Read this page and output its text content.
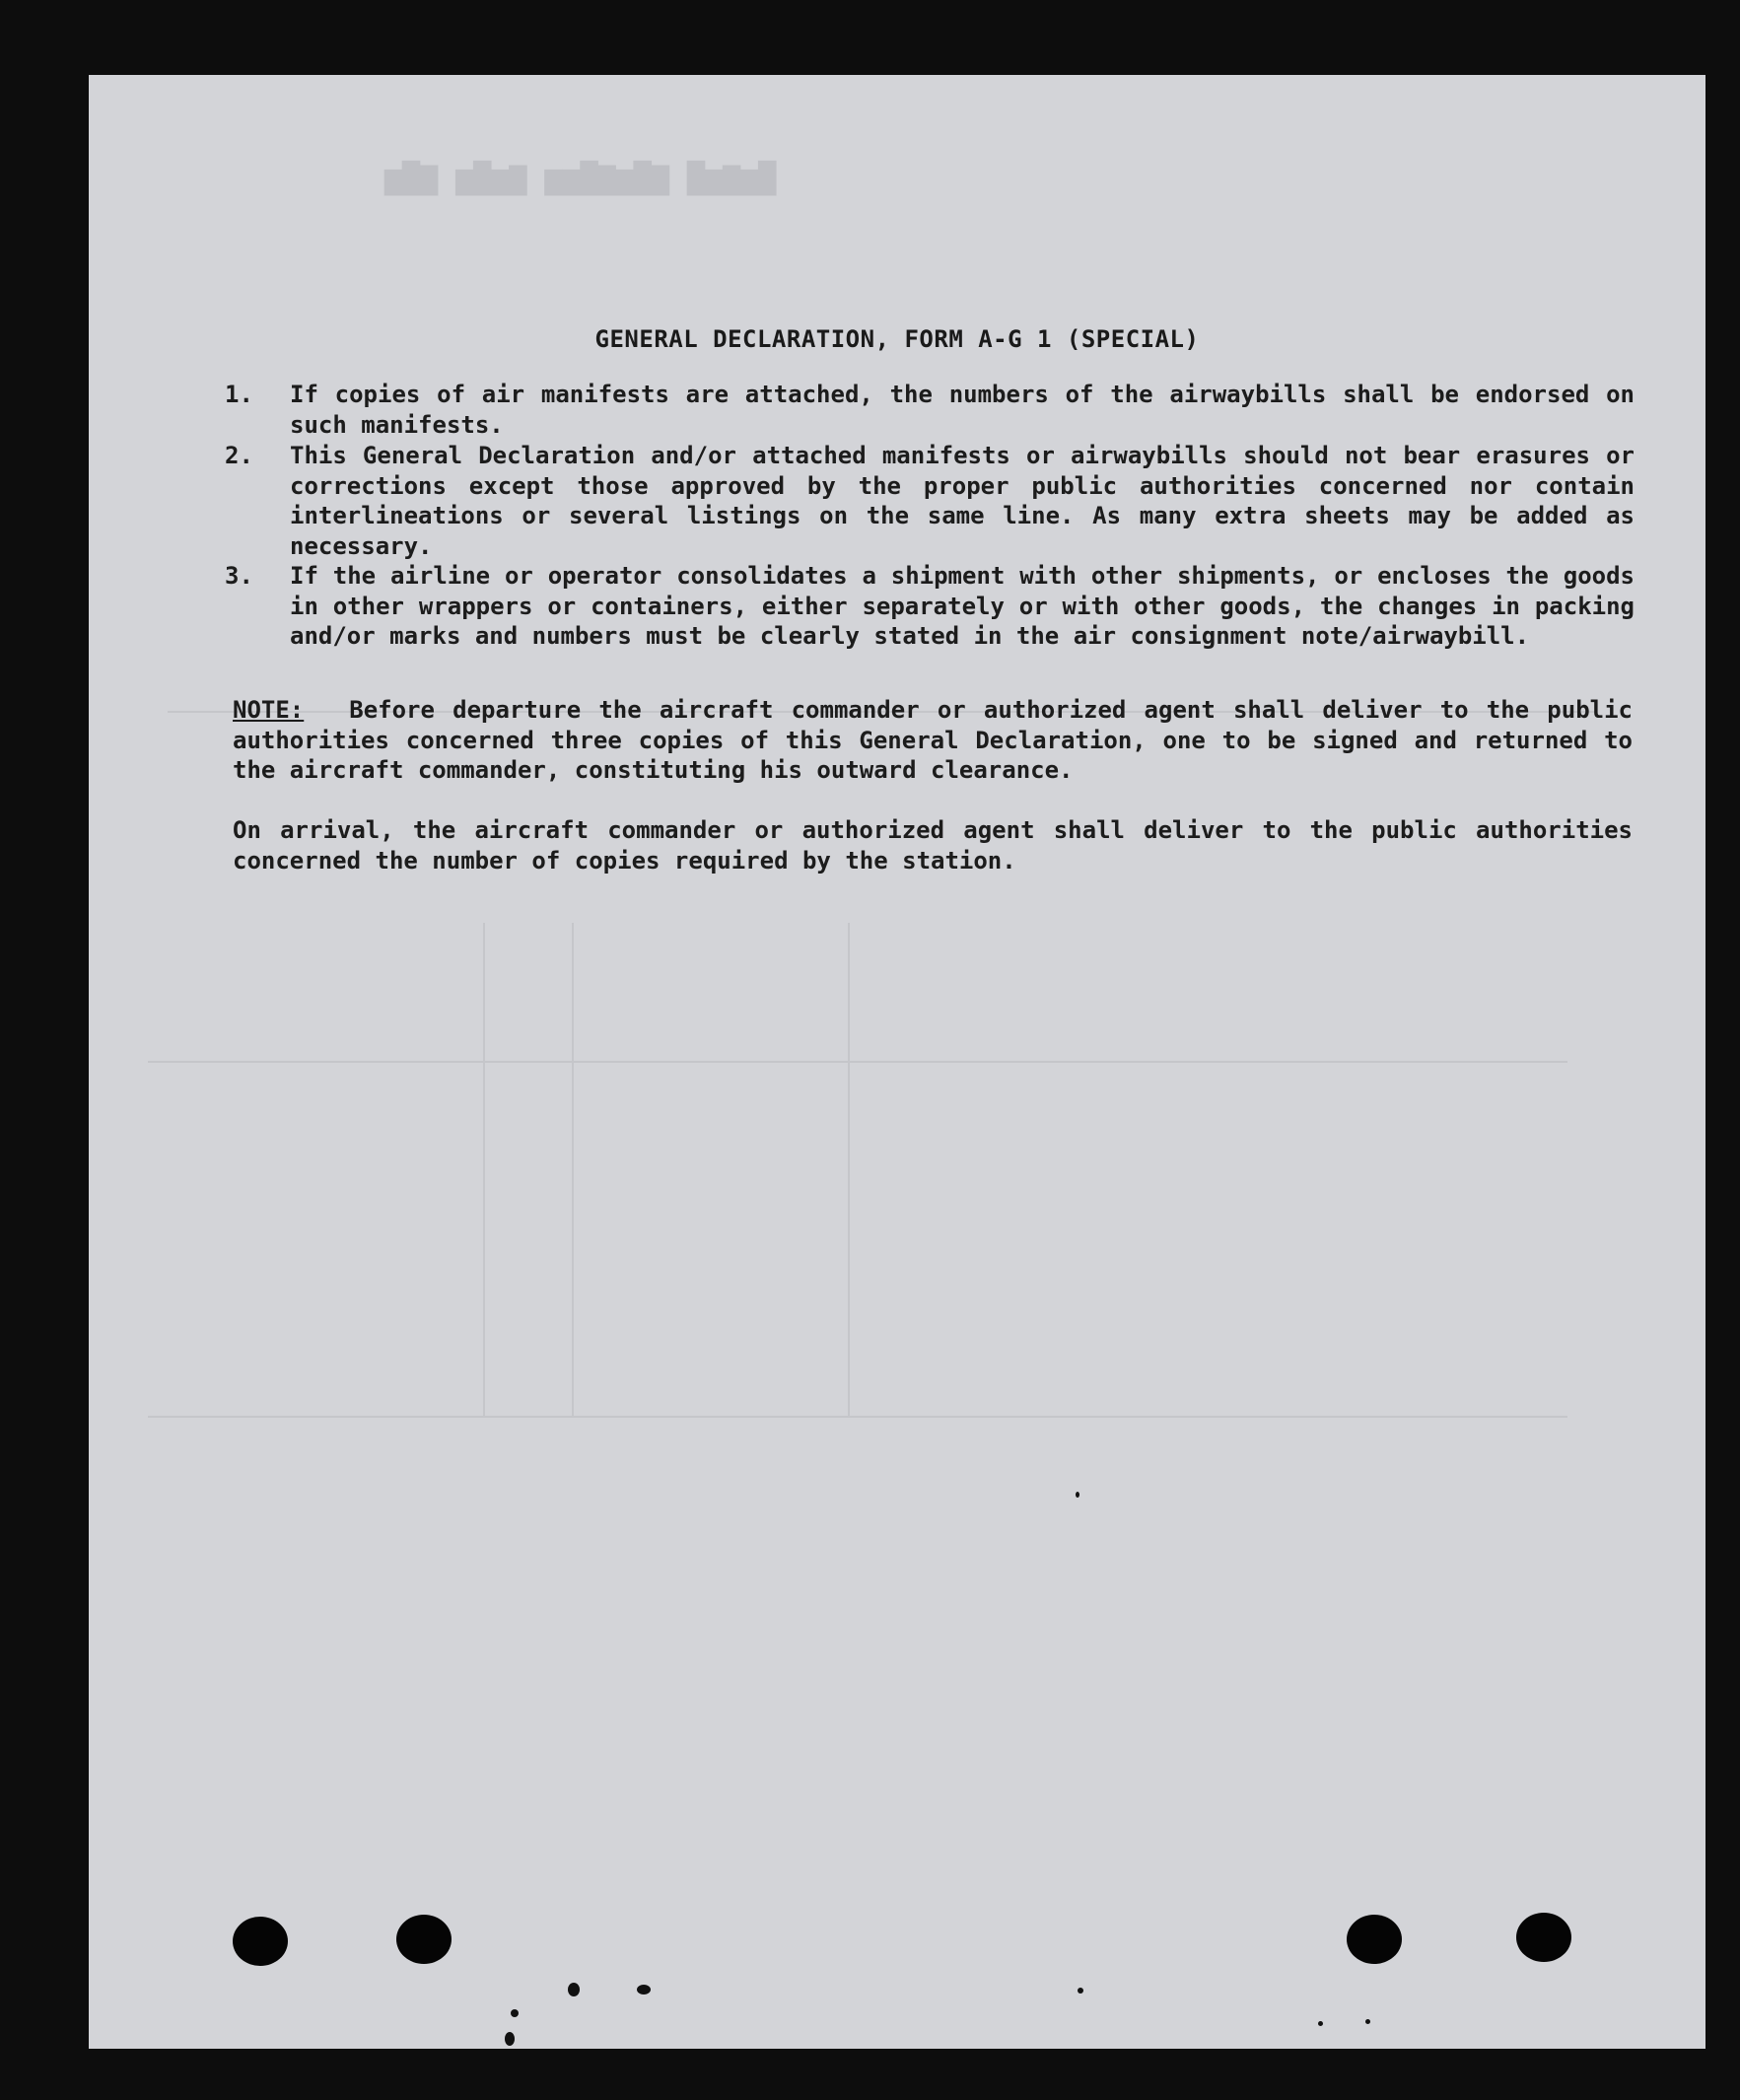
█▆▇▆█ ▇█▆▇█▆▆ ▇▆█▆ ▇█▆
GENERAL DECLARATION, FORM A-G 1 (SPECIAL)
1.	If copies of air manifests are attached, the numbers of the airwaybills shall be endorsed on such manifests.
2.	This General Declaration and/or attached manifests or airwaybills should not bear erasures or corrections except those approved by the proper public authorities concerned nor contain interlineations or several listings on the same line. As many extra sheets may be added as necessary.
3.	If the airline or operator consolidates a shipment with other shipments, or encloses the goods in other wrappers or containers, either separately or with other goods, the changes in packing and/or marks and numbers must be clearly stated in the air consignment note/airwaybill.
NOTE: Before departure the aircraft commander or authorized agent shall deliver to the public authorities concerned three copies of this General Declaration, one to be signed and returned to the aircraft commander, constituting his outward clearance.
On arrival, the aircraft commander or authorized agent shall deliver to the public authorities concerned the number of copies required by the station.
